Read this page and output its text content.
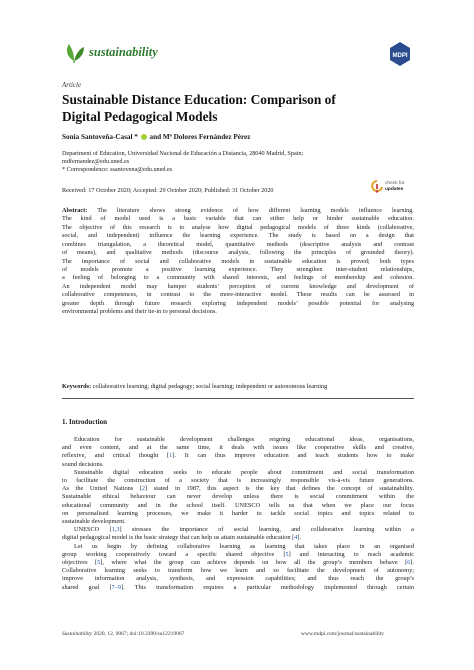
sustainability	MDPI
Article
Sustainable Distance Education: Comparison of
Digital Pedagogical Models
Sonia Santoveña-Casal * and Mª Dolores Fernández Pérez
Department of Education, Universidad Nacional de Educación a Distancia, 28040 Madrid, Spain;
mdfernandez@edu.uned.es
* Correspondence: ssantovena@edu.uned.es
Received: 17 October 2020; Accepted: 29 October 2020; Published: 31 October 2020
check for
updates
Abstract: The literature shows strong evidence of how different learning models influence learning.
The kind of model used is a basic variable that can either help or hinder sustainable education.
The objective of this research is to analyse how digital pedagogical models of three kinds (collaborative,
social, and independent) influence the learning experience. The study is based on a design that
combines triangulation, a theoretical model, quantitative methods (descriptive analysis and contrast
of means), and qualitative methods (discourse analysis, following the principles of grounded theory).
The importance of social and collaborative models in sustainable education is proved; both types
of models promote a positive learning experience. They strengthen inter-student relationships,
a feeling of belonging to a community with shared interests, and feelings of membership and cohesion.
An independent model may hamper students’ perception of current knowledge and development of
collaborative competences, in contrast to the more-interactive model. These results can be assessed in
greater depth through future research exploring independent models’ possible potential for analysing
environmental problems and their tie-in to personal decisions.
Keywords: collaborative learning; digital pedagogy; social learning; independent or autonomous learning
1. Introduction
Education for sustainable development challenges reigning educational ideas, organisations,
and even content, and at the same time, it deals with issues like cooperative skills and creative,
reflexive, and critical thought [1]. It can thus improve education and teach students how to make
sound decisions.
Sustainable digital education seeks to educate people about commitment and social transformation
to facilitate the construction of a society that is increasingly responsible vis-à-vis future generations.
As the United Nations [2] stated in 1987, this aspect is the key that defines the concept of sustainability.
Sustainable ethical behaviour can never develop unless there is social commitment within the
educational community and in the school itself. UNESCO tells us that when we place our focus
on personalised learning processes, we make it harder to tackle social topics and topics related to
sustainable development.
UNESCO [1,3] stresses the importance of social learning, and collaborative learning within a
digital pedagogical model is the basic strategy that can help us attain sustainable education [4].
Let us begin by defining collaborative learning as learning that takes place in an organised
group working cooperatively toward a specific shared objective [5] and interacting to reach academic
objectives [5], where what the group can achieve depends on how all the group’s members behave [6].
Collaborative learning seeks to transform how we learn and so facilitate the development of autonomy;
improve information analysis, synthesis, and expression capabilities; and thus reach the group’s
shared goal [7–9]. This transformation requires a particular methodology implemented through certain
Sustainability 2020, 12, 9067; doi:10.3390/su12219067	www.mdpi.com/journal/sustainability
